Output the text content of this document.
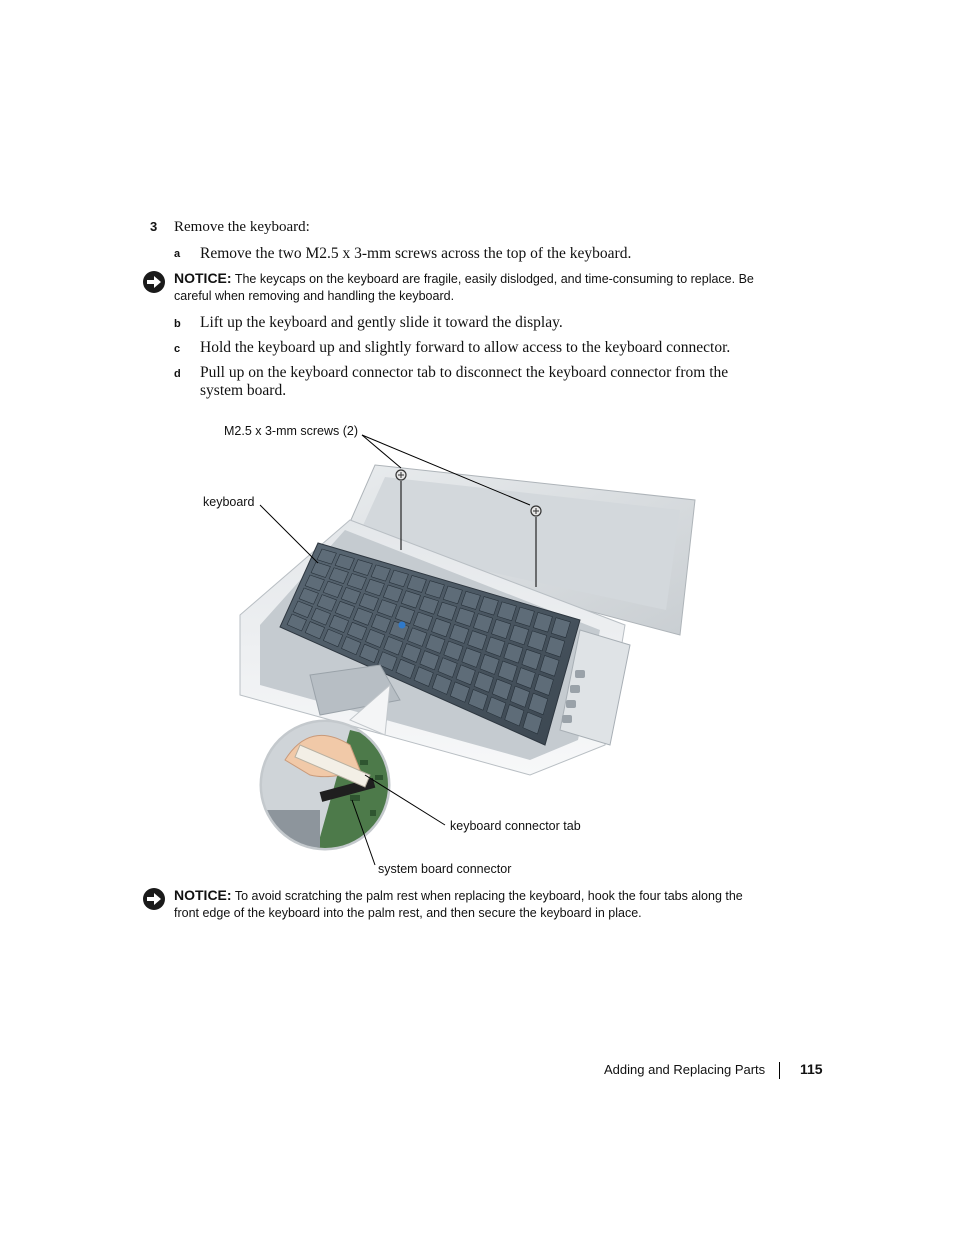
3 Remove the keyboard:
a Remove the two M2.5 x 3-mm screws across the top of the keyboard.
NOTICE: The keycaps on the keyboard are fragile, easily dislodged, and time-consuming to replace. Be careful when removing and handling the keyboard.
b Lift up the keyboard and gently slide it toward the display.
c Hold the keyboard up and slightly forward to allow access to the keyboard connector.
d Pull up on the keyboard connector tab to disconnect the keyboard connector from the system board.
M2.5 x 3-mm screws (2)
keyboard
keyboard connector tab
system board connector
NOTICE: To avoid scratching the palm rest when replacing the keyboard, hook the four tabs along the front edge of the keyboard into the palm rest, and then secure the keyboard in place.
Adding and Replacing Parts 115
